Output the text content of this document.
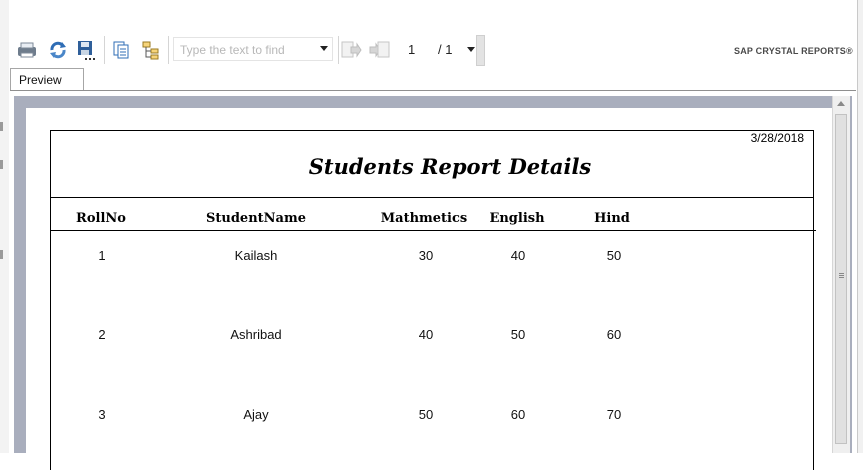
Type the text to find	1 / 1	SAP CRYSTAL REPORTS®
Preview
3/28/2018
Students Report Details
RollNo	StudentName	Mathmetics	English	Hind
1	Kailash	30	40	50
2	Ashribad	40	50	60
3	Ajay	50	60	70
